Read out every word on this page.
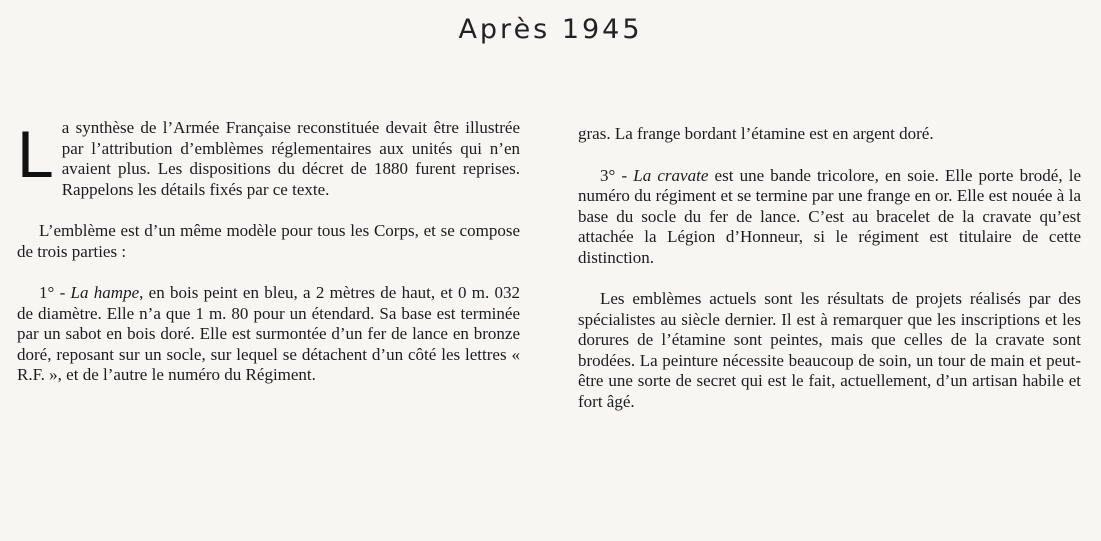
Après 1945

La synthèse de l’Armée Française reconstituée devait être illustrée par l’attribution d’emblèmes réglementaires aux unités qui n’en avaient plus. Les dispositions du décret de 1880 furent reprises. Rappelons les détails fixés par ce texte.

L’emblème est d’un même modèle pour tous les Corps, et se compose de trois parties :

1° - La hampe, en bois peint en bleu, a 2 mètres de haut, et 0 m. 032 de diamètre. Elle n’a que 1 m. 80 pour un étendard. Sa base est terminée par un sabot en bois doré. Elle est surmontée d’un fer de lance en bronze doré, reposant sur un socle, sur lequel se détachent d’un côté les lettres « R.F. », et de l’autre le numéro du Régiment.

gras. La frange bordant l’étamine est en argent doré.

3° - La cravate est une bande tricolore, en soie. Elle porte brodé, le numéro du régiment et se termine par une frange en or. Elle est nouée à la base du socle du fer de lance. C’est au bracelet de la cravate qu’est attachée la Légion d’Honneur, si le régiment est titulaire de cette distinction.

Les emblèmes actuels sont les résultats de projets réalisés par des spécialistes au siècle dernier. Il est à remarquer que les inscriptions et les dorures de l’étamine sont peintes, mais que celles de la cravate sont brodées. La peinture nécessite beaucoup de soin, un tour de main et peut-être une sorte de secret qui est le fait, actuellement, d’un artisan habile et fort âgé.
